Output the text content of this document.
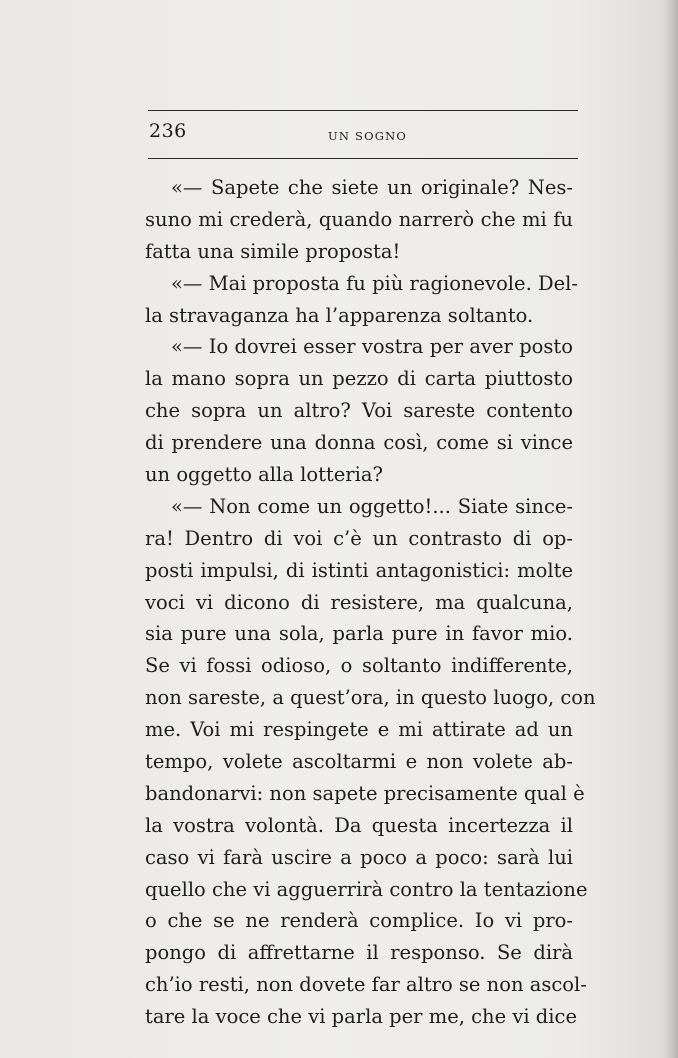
236	UN SOGNO
«— Sapete che siete un originale? Nes-
suno mi crederà, quando narrerò che mi fu
fatta una simile proposta!
«— Mai proposta fu più ragionevole. Del-
la stravaganza ha l’apparenza soltanto.
«— Io dovrei esser vostra per aver posto
la mano sopra un pezzo di carta piuttosto
che sopra un altro? Voi sareste contento
di prendere una donna così, come si vince
un oggetto alla lotteria?
«— Non come un oggetto!... Siate since-
ra! Dentro di voi c’è un contrasto di op-
posti impulsi, di istinti antagonistici: molte
voci vi dicono di resistere, ma qualcuna,
sia pure una sola, parla pure in favor mio.
Se vi fossi odioso, o soltanto indifferente,
non sareste, a quest’ora, in questo luogo, con
me. Voi mi respingete e mi attirate ad un
tempo, volete ascoltarmi e non volete ab-
bandonarvi: non sapete precisamente qual è
la vostra volontà. Da questa incertezza il
caso vi farà uscire a poco a poco: sarà lui
quello che vi agguerrirà contro la tentazione
o che se ne renderà complice. Io vi pro-
pongo di affrettarne il responso. Se dirà
ch’io resti, non dovete far altro se non ascol-
tare la voce che vi parla per me, che vi dice
